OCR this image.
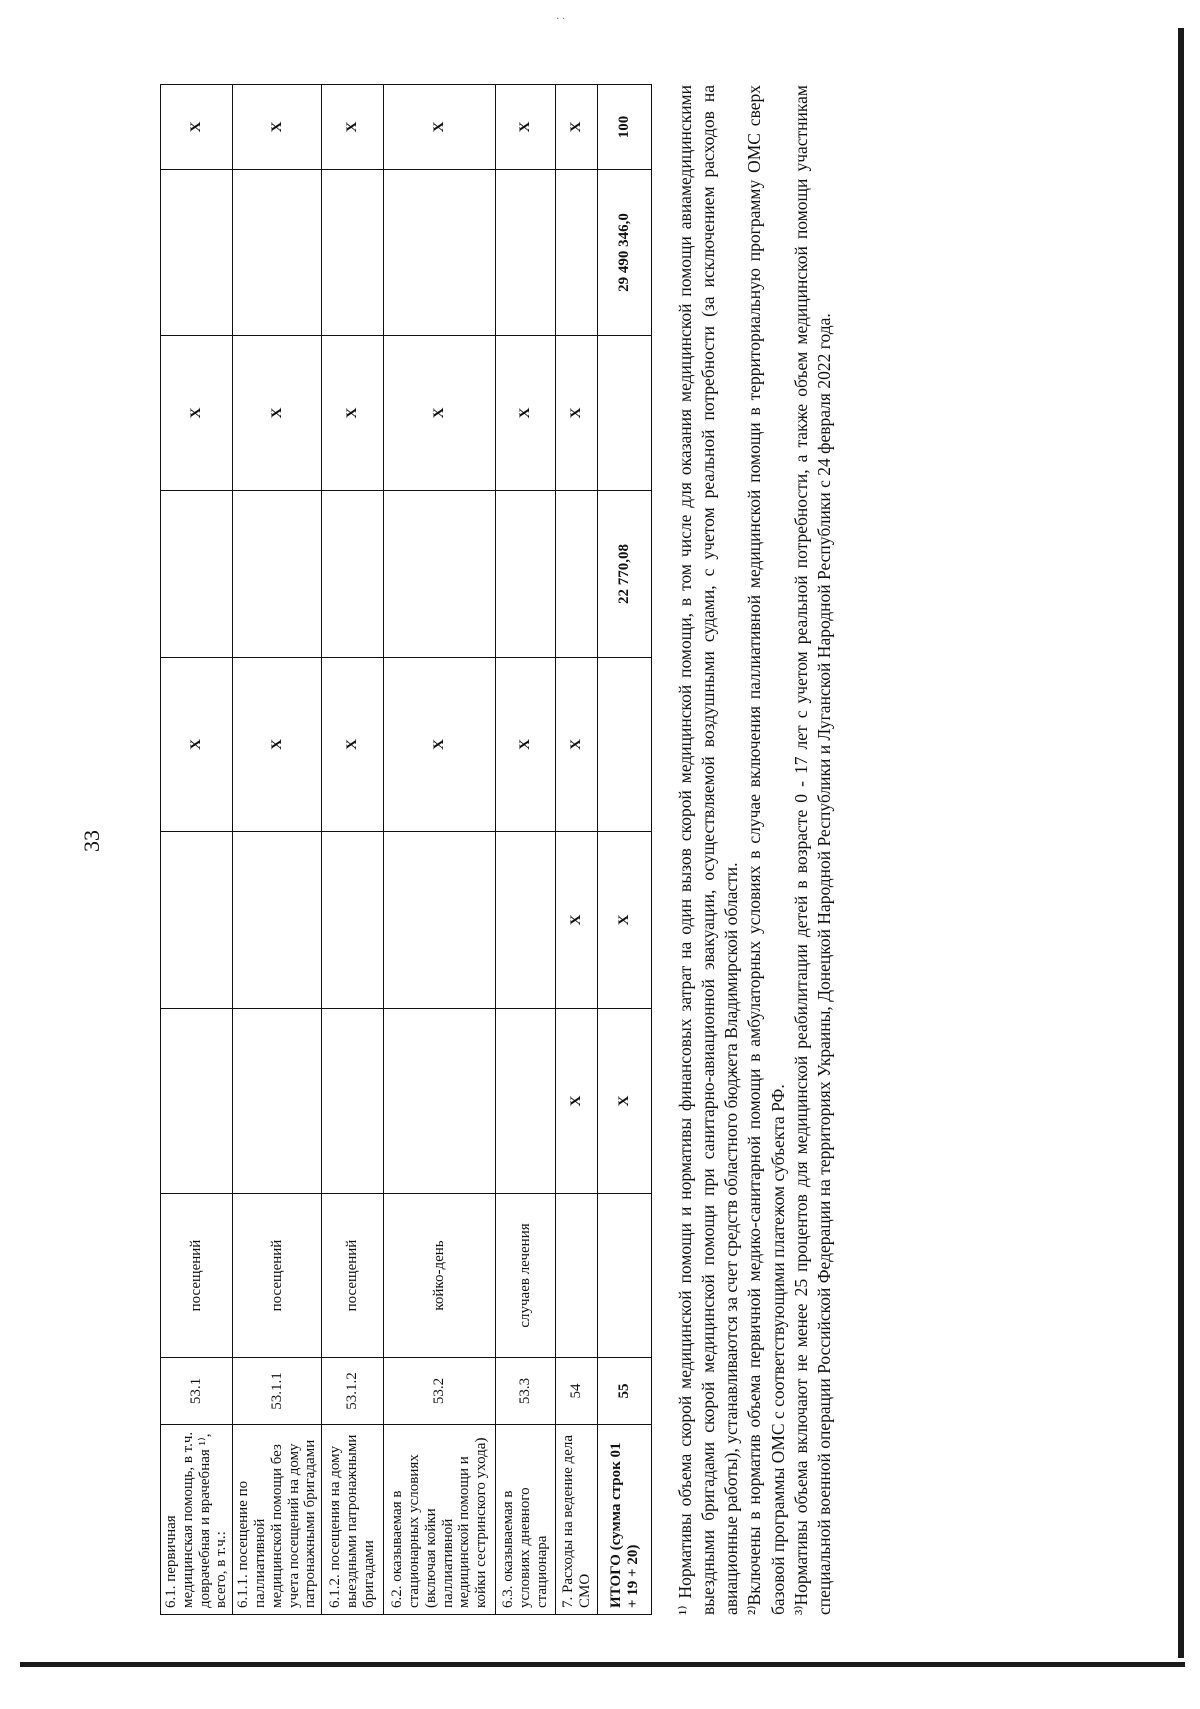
· ·
33
6.1. первичная медицинская помощь, в т.ч. доврачебная и врачебная ¹⁾, всего, в т.ч.:	53.1	посещений			X		X		X
6.1.1. посещение по паллиативной медицинской помощи без учета посещений на дому патронажными бригадами	53.1.1	посещений			X		X		X
6.1.2. посещения на дому выездными патронажными бригадами	53.1.2	посещений			X		X		X
6.2. оказываемая в стационарных условиях (включая койки паллиативной медицинской помощи и койки сестринского ухода)	53.2	койко-день			X		X		X
6.3. оказываемая в условиях дневного стационара	53.3	случаев лечения			X		X		X
7. Расходы на ведение дела СМО	54		X	X	X		X		X
ИТОГО (сумма строк 01 + 19 + 20)	55		X	X		22 770,08		29 490 346,0	100 ¹⁾ Нормативы объема скорой медицинской помощи и нормативы финансовых затрат на один вызов скорой медицинской помощи, в том числе для оказания медицинской помощи авиамедицинскими выездными бригадами скорой медицинской помощи при санитарно-авиационной эвакуации, осуществляемой воздушными судами, с учетом реальной потребности (за исключением расходов на авиационные работы), устанавливаются за счет средств областного бюджета Владимирской области. ²⁾Включены в норматив объема первичной медико-санитарной помощи в амбулаторных условиях в случае включения паллиативной медицинской помощи в территориальную программу ОМС сверх базовой программы ОМС с соответствующими платежом субъекта РФ. ³⁾Нормативы объема включают не менее 25 процентов для медицинской реабилитации детей в возрасте 0 - 17 лет с учетом реальной потребности, а также объем медицинской помощи участникам специальной военной операции Российской Федерации на территориях Украины, Донецкой Народной Республики и Луганской Народной Республики с 24 февраля 2022 года.
